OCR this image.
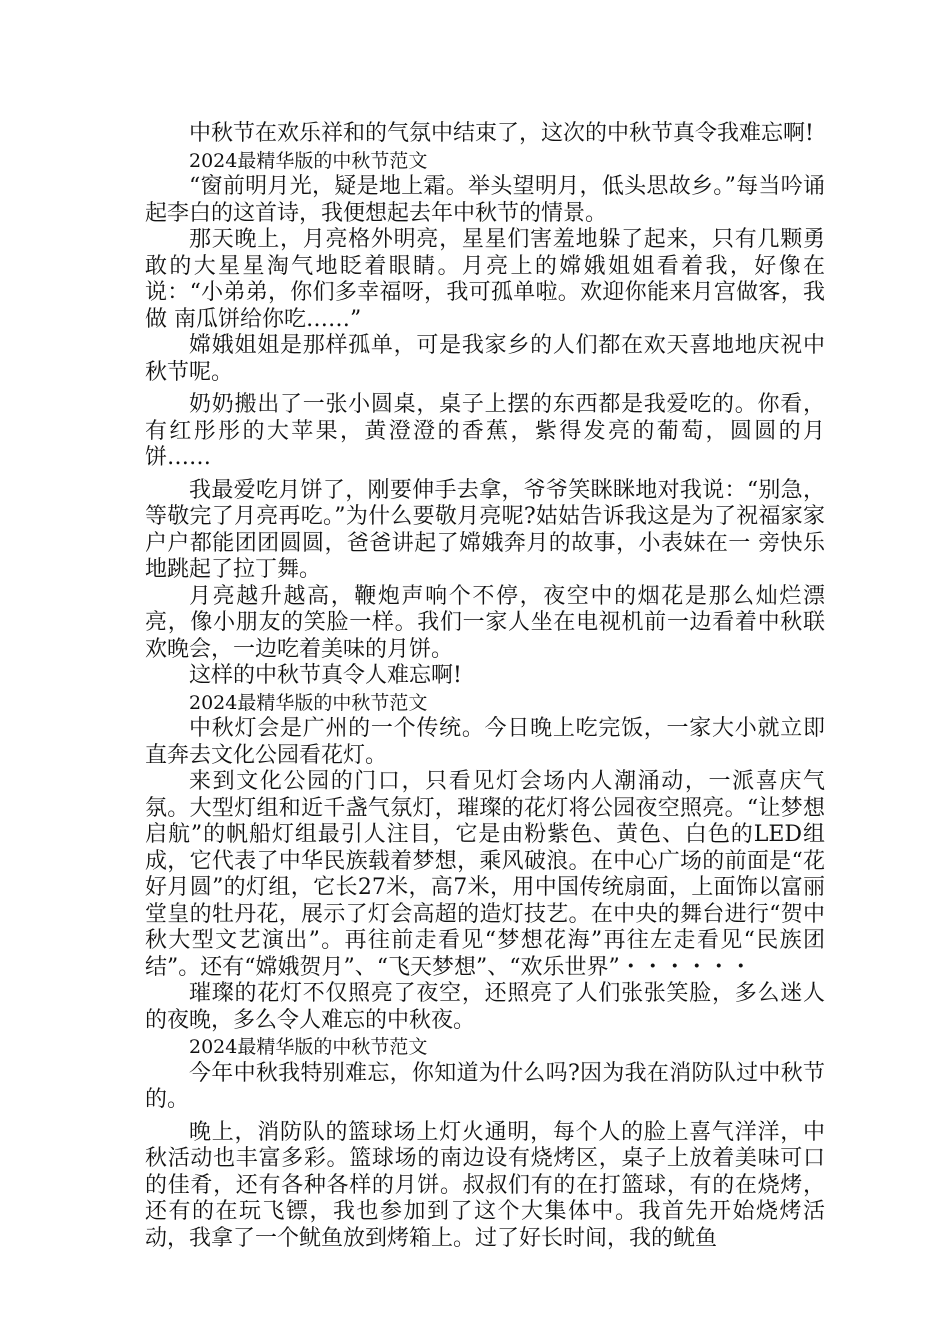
中秋节在欢乐祥和的气氛中结束了，这次的中秋节真令我难忘啊!

2024最精华版的中秋节范文

“窗前明月光，疑是地上霜。举头望明月，低头思故乡。”每当吟诵起李白的这首诗，我便想起去年中秋节的情景。

那天晚上，月亮格外明亮，星星们害羞地躲了起来，只有几颗勇敢的大星星淘气地眨着眼睛。月亮上的嫦娥姐姐看着我，好像在说：“小弟弟，你们多幸福呀，我可孤单啦。欢迎你能来月宫做客，我做 南瓜饼给你吃……”

嫦娥姐姐是那样孤单，可是我家乡的人们都在欢天喜地地庆祝中秋节呢。

奶奶搬出了一张小圆桌，桌子上摆的东西都是我爱吃的。你看，有红彤彤的大苹果，黄澄澄的香蕉，紫得发亮的葡萄，圆圆的月饼……

我最爱吃月饼了，刚要伸手去拿，爷爷笑眯眯地对我说：“别急，等敬完了月亮再吃。”为什么要敬月亮呢?姑姑告诉我这是为了祝福家家户户都能团团圆圆，爸爸讲起了嫦娥奔月的故事，小表妹在一 旁快乐地跳起了拉丁舞。

月亮越升越高，鞭炮声响个不停，夜空中的烟花是那么灿烂漂亮，像小朋友的笑脸一样。我们一家人坐在电视机前一边看着中秋联欢晚会，一边吃着美味的月饼。

这样的中秋节真令人难忘啊!

2024最精华版的中秋节范文

中秋灯会是广州的一个传统。今日晚上吃完饭，一家大小就立即直奔去文化公园看花灯。

来到文化公园的门口，只看见灯会场内人潮涌动，一派喜庆气氛。大型灯组和近千盏气氛灯，璀璨的花灯将公园夜空照亮。“让梦想启航”的帆船灯组最引人注目，它是由粉紫色、黄色、白色的LED组成，它代表了中华民族载着梦想，乘风破浪。在中心广场的前面是“花好月圆”的灯组，它长27米，高7米，用中国传统扇面，上面饰以富丽堂皇的牡丹花，展示了灯会高超的造灯技艺。在中央的舞台进行“贺中秋大型文艺演出”。再往前走看见“梦想花海”再往左走看见“民族团结”。还有“嫦娥贺月”、“飞天梦想”、“欢乐世界”・・・・・・

璀璨的花灯不仅照亮了夜空，还照亮了人们张张笑脸，多么迷人的夜晚，多么令人难忘的中秋夜。

2024最精华版的中秋节范文

今年中秋我特别难忘，你知道为什么吗?因为我在消防队过中秋节的。

晚上，消防队的篮球场上灯火通明，每个人的脸上喜气洋洋，中秋活动也丰富多彩。篮球场的南边设有烧烤区，桌子上放着美味可口的佳肴，还有各种各样的月饼。叔叔们有的在打篮球，有的在烧烤，还有的在玩飞镖，我也参加到了这个大集体中。我首先开始烧烤活动，我拿了一个鱿鱼放到烤箱上。过了好长时间，我的鱿鱼
